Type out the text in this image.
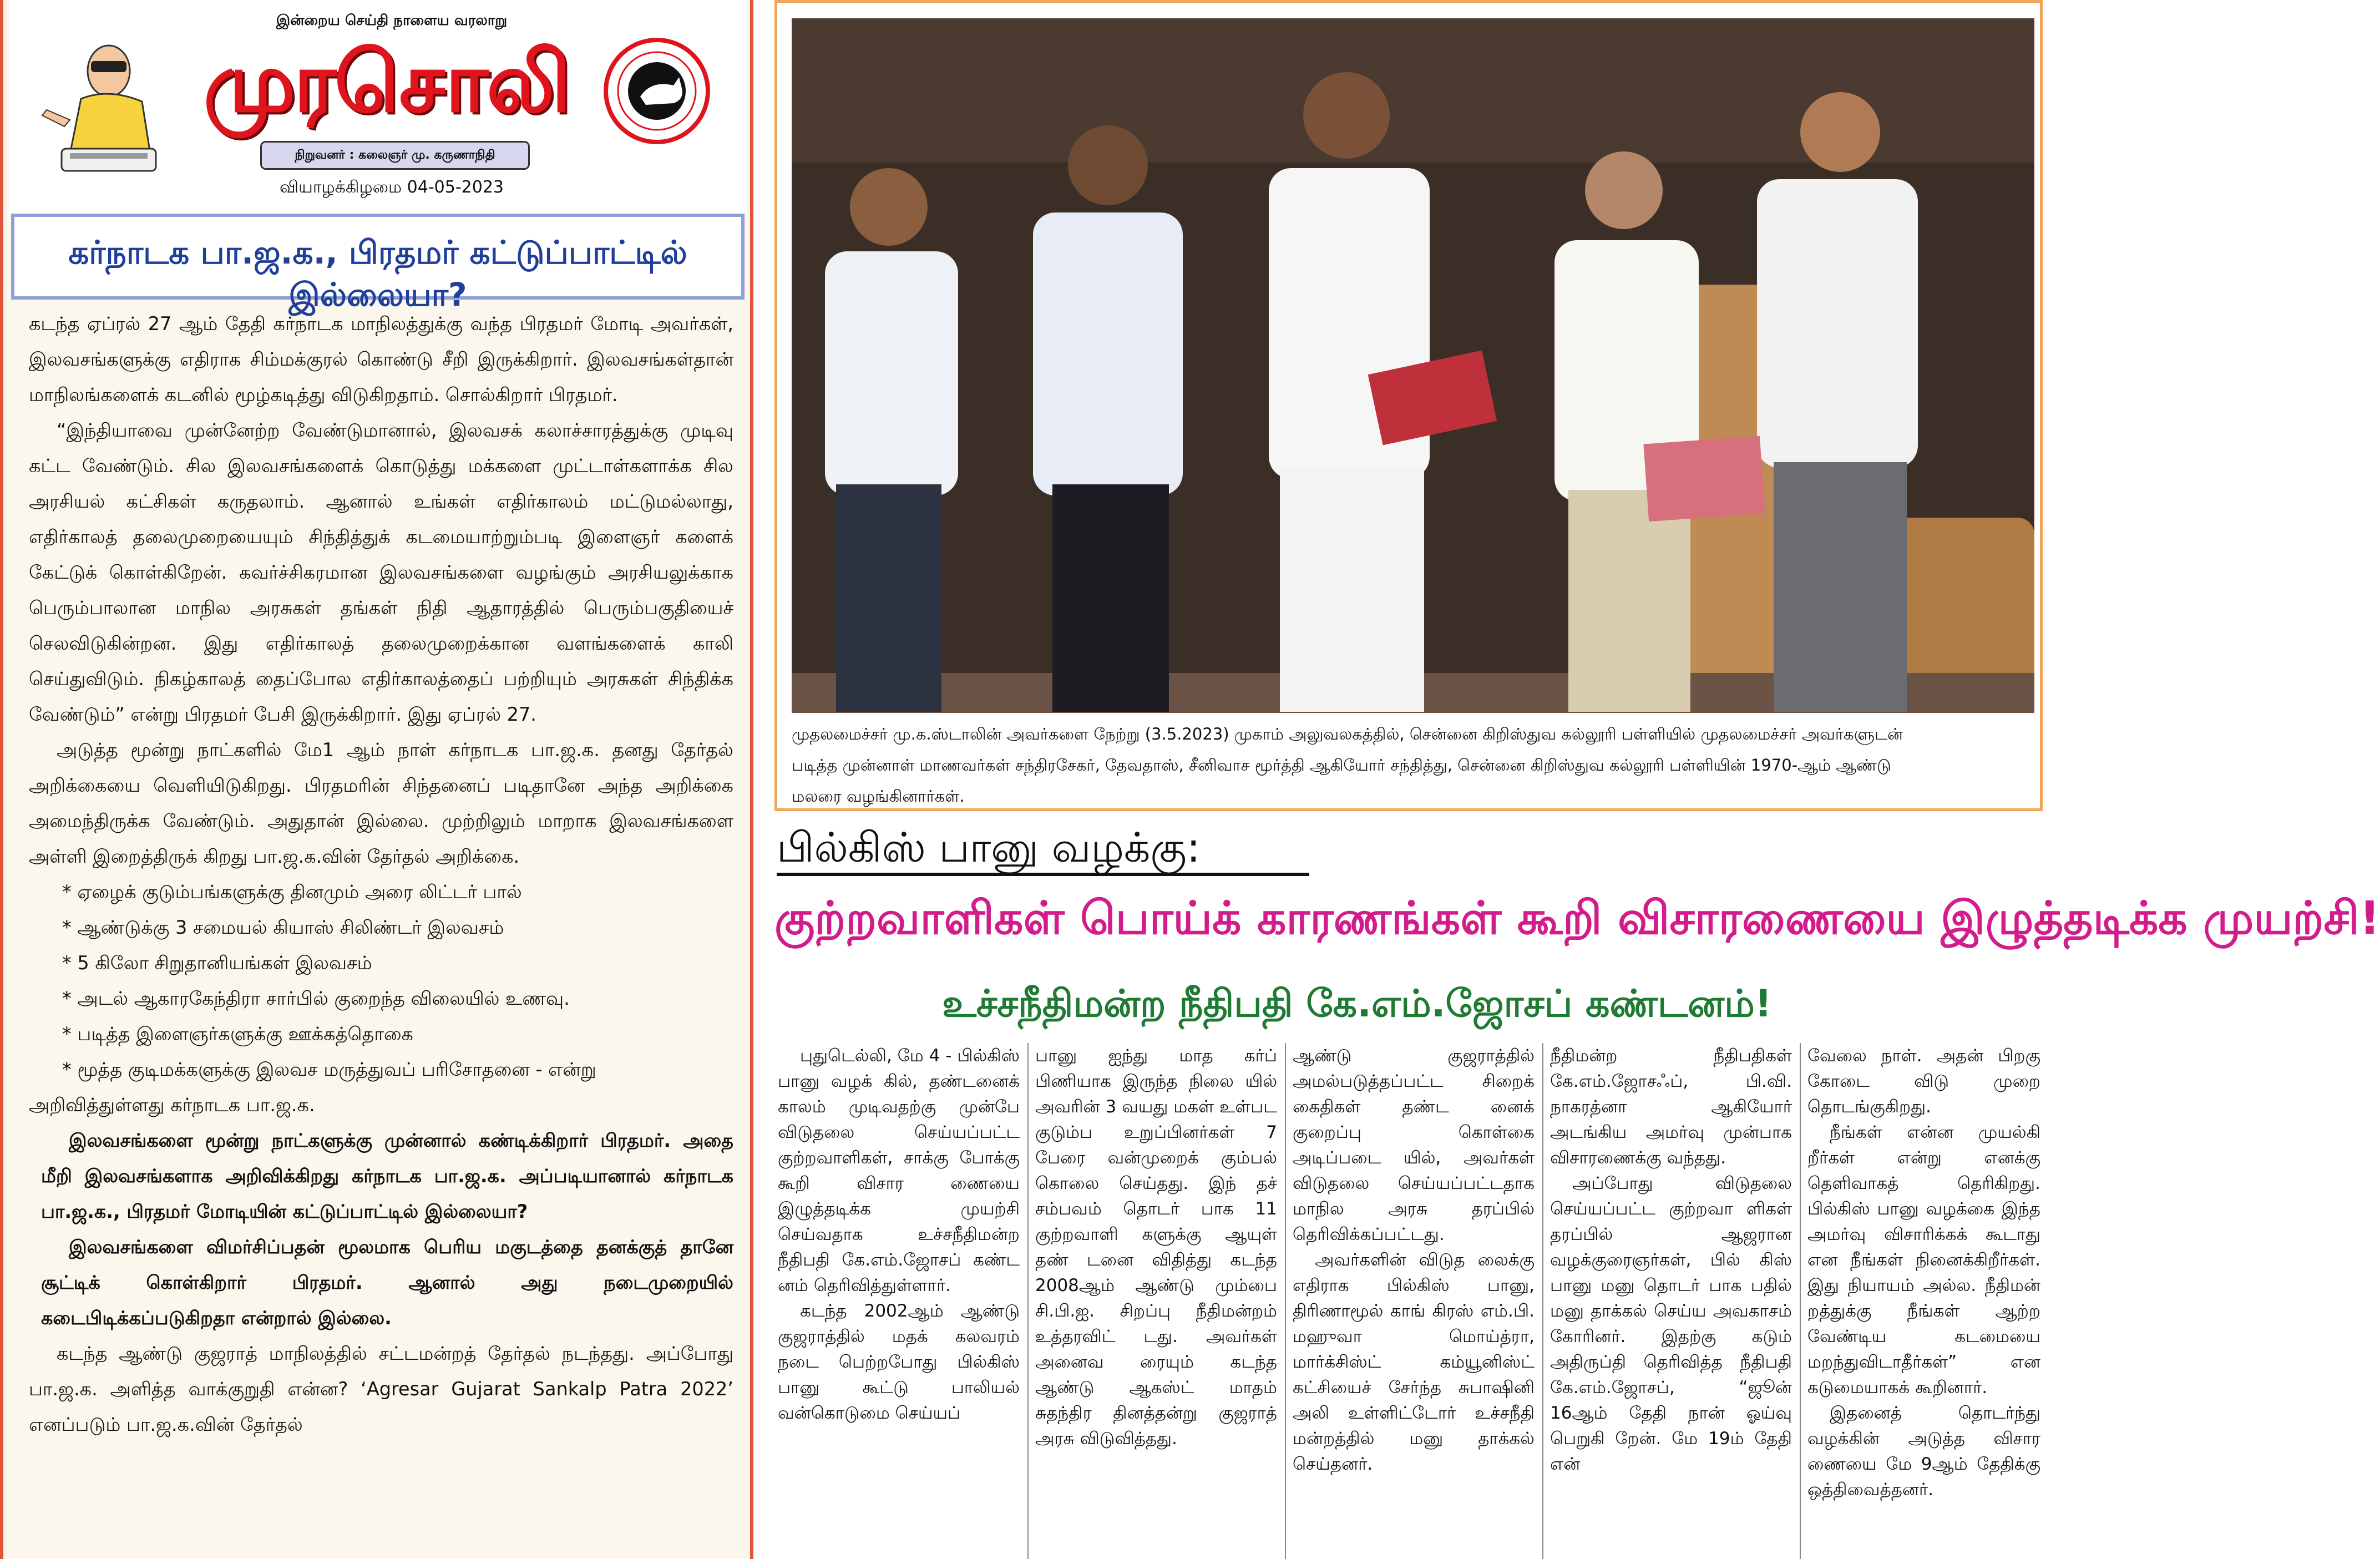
இன்றைய செய்தி நாளைய வரலாறு
முரசொலி
நிறுவனர் : கலைஞர் மு. கருணாநிதி
வியாழக்கிழமை 04-05-2023
கர்நாடக பா.ஜ.க., பிரதமர் கட்டுப்பாட்டில் இல்லையா?

கடந்த ஏப்ரல் 27 ஆம் தேதி கர்நாடக மாநிலத்துக்கு வந்த பிரதமர் மோடி அவர்கள், இலவசங்களுக்கு எதிராக சிம்மக்குரல் கொண்டு சீறி இருக்கிறார். இலவசங்கள்தான் மாநிலங்களைக் கடனில் மூழ்கடித்து விடுகிறதாம். சொல்கிறார் பிரதமர்.

“இந்தியாவை முன்னேற்ற வேண்டுமானால், இலவசக் கலாச்சாரத்துக்கு முடிவு கட்ட வேண்டும். சில இலவசங்களைக் கொடுத்து மக்களை முட்டாள்களாக்க சில அரசியல் கட்சிகள் கருதலாம். ஆனால் உங்கள் எதிர்காலம் மட்டுமல்லாது, எதிர்காலத் தலைமுறையையும் சிந்தித்துக் கடமையாற்றும்படி இளைஞர் களைக் கேட்டுக் கொள்கிறேன். கவர்ச்சிகரமான இலவசங்களை வழங்கும் அரசியலுக்காக பெரும்பாலான மாநில அரசுகள் தங்கள் நிதி ஆதாரத்தில் பெரும்பகுதியைச் செலவிடுகின்றன. இது எதிர்காலத் தலைமுறைக்கான வளங்களைக் காலி செய்துவிடும். நிகழ்காலத் தைப்போல எதிர்காலத்தைப் பற்றியும் அரசுகள் சிந்திக்க வேண்டும்” என்று பிரதமர் பேசி இருக்கிறார். இது ஏப்ரல் 27.

அடுத்த மூன்று நாட்களில் மே1 ஆம் நாள் கர்நாடக பா.ஜ.க. தனது தேர்தல் அறிக்கையை வெளியிடுகிறது. பிரதமரின் சிந்தனைப் படிதானே அந்த அறிக்கை அமைந்திருக்க வேண்டும். அதுதான் இல்லை. முற்றிலும் மாறாக இலவசங்களை அள்ளி இறைத்திருக் கிறது பா.ஜ.க.வின் தேர்தல் அறிக்கை.

* ஏழைக் குடும்பங்களுக்கு தினமும் அரை லிட்டர் பால்

* ஆண்டுக்கு 3 சமையல் கியாஸ் சிலிண்டர் இலவசம்

* 5 கிலோ சிறுதானியங்கள் இலவசம்

* அடல் ஆகாரகேந்திரா சார்பில் குறைந்த விலையில் உணவு.

* படித்த இளைஞர்களுக்கு ஊக்கத்தொகை

* மூத்த குடிமக்களுக்கு இலவச மருத்துவப் பரிசோதனை - என்று

அறிவித்துள்ளது கர்நாடக பா.ஜ.க.

இலவசங்களை மூன்று நாட்களுக்கு முன்னால் கண்டிக்கிறார் பிரதமர். அதை மீறி இலவசங்களாக அறிவிக்கிறது கர்நாடக பா.ஜ.க. அப்படியானால் கர்நாடக பா.ஜ.க., பிரதமர் மோடியின் கட்டுப்பாட்டில் இல்லையா?

இலவசங்களை விமர்சிப்பதன் மூலமாக பெரிய மகுடத்தை தனக்குத் தானே சூட்டிக் கொள்கிறார் பிரதமர். ஆனால் அது நடைமுறையில் கடைபிடிக்கப்படுகிறதா என்றால் இல்லை.

கடந்த ஆண்டு குஜராத் மாநிலத்தில் சட்டமன்றத் தேர்தல் நடந்தது. அப்போது பா.ஜ.க. அளித்த வாக்குறுதி என்ன? ‘Agresar Gujarat Sankalp Patra 2022’ எனப்படும் பா.ஜ.க.வின் தேர்தல்

முதலமைச்சர் மு.க.ஸ்டாலின் அவர்களை நேற்று (3.5.2023) முகாம் அலுவலகத்தில், சென்னை கிறிஸ்துவ கல்லூரி பள்ளியில் முதலமைச்சர் அவர்களுடன்

படித்த முன்னாள் மாணவர்கள் சந்திரசேகர், தேவதாஸ், சீனிவாச மூர்த்தி ஆகியோர் சந்தித்து, சென்னை கிறிஸ்துவ கல்லூரி பள்ளியின் 1970-ஆம் ஆண்டு

மலரை வழங்கினார்கள்.

பில்கிஸ் பானு வழக்கு:
குற்றவாளிகள் பொய்க் காரணங்கள் கூறி விசாரணையை இழுத்தடிக்க முயற்சி!
உச்சநீதிமன்ற நீதிபதி கே.எம்.ஜோசப் கண்டனம்!

புதுடெல்லி, மே 4 - பில்கிஸ் பானு வழக் கில், தண்டனைக் காலம் முடிவதற்கு முன்பே விடுதலை செய்யப்பட்ட குற்றவாளிகள், சாக்கு போக்கு கூறி விசார ணையை இழுத்தடிக்க முயற்சி செய்வதாக உச்சநீதிமன்ற நீதிபதி கே.எம்.ஜோசப் கண்ட னம் தெரிவித்துள்ளார்.

கடந்த 2002ஆம் ஆண்டு குஜராத்தில் மதக் கலவரம் நடை பெற்றபோது பில்கிஸ் பானு கூட்டு பாலியல் வன்கொடுமை செய்யப்

பானு ஐந்து மாத கர்ப் பிணியாக இருந்த நிலை யில் அவரின் 3 வயது மகள் உள்பட குடும்ப உறுப்பினர்கள் 7 பேரை வன்முறைக் கும்பல் கொலை செய்தது. இந் தச் சம்பவம் தொடர் பாக 11 குற்றவாளி களுக்கு ஆயுள் தண் டனை விதித்து கடந்த 2008ஆம் ஆண்டு மும்பை சி.பி.ஐ. சிறப்பு நீதிமன்றம் உத்தரவிட் டது. அவர்கள் அனைவ ரையும் கடந்த ஆண்டு ஆகஸ்ட் மாதம் சுதந்திர தினத்தன்று குஜராத் அரசு விடுவித்தது.

ஆண்டு குஜராத்தில் அமல்படுத்தப்பட்ட சிறைக் கைதிகள் தண்ட னைக் குறைப்பு கொள்கை அடிப்படை யில், அவர்கள் விடுதலை செய்யப்பட்டதாக மாநில அரசு தரப்பில் தெரிவிக்கப்பட்டது.

அவர்களின் விடுத லைக்கு எதிராக பில்கிஸ் பானு, திரிணாமூல் காங் கிரஸ் எம்.பி. மஹுவா மொய்த்ரா, மார்க்சிஸ்ட் கம்யூனிஸ்ட் கட்சியைச் சேர்ந்த சுபாஷினி அலி உள்ளிட்டோர் உச்சநீதி மன்றத்தில் மனு தாக்கல் செய்தனர்.

நீதிமன்ற நீதிபதிகள் கே.எம்.ஜோசஃப், பி.வி. நாகரத்னா ஆகியோர் அடங்கிய அமர்வு முன்பாக விசாரணைக்கு வந்தது.

அப்போது விடுதலை செய்யப்பட்ட குற்றவா ளிகள் தரப்பில் ஆஜரான வழக்குரைஞர்கள், பில் கிஸ் பானு மனு தொடர் பாக பதில் மனு தாக்கல் செய்ய அவகாசம் கோரினர். இதற்கு கடும் அதிருப்தி தெரிவித்த நீதிபதி கே.எம்.ஜோசப், “ஜூன் 16ஆம் தேதி நான் ஓய்வு பெறுகி றேன். மே 19ம் தேதி என்

வேலை நாள். அதன் பிறகு கோடை விடு முறை தொடங்குகிறது.

நீங்கள் என்ன முயல்கி றீர்கள் என்று எனக்கு தெளிவாகத் தெரிகிறது. பில்கிஸ் பானு வழக்கை இந்த அமர்வு விசாரிக்கக் கூடாது என நீங்கள் நினைக்கிறீர்கள். இது நியாயம் அல்ல. நீதிமன் றத்துக்கு நீங்கள் ஆற்ற வேண்டிய கடமையை மறந்துவிடாதீர்கள்” என கடுமையாகக் கூறினார்.

இதனைத் தொடர்ந்து வழக்கின் அடுத்த விசார ணையை மே 9ஆம் தேதிக்கு ஒத்திவைத்தனர்.
